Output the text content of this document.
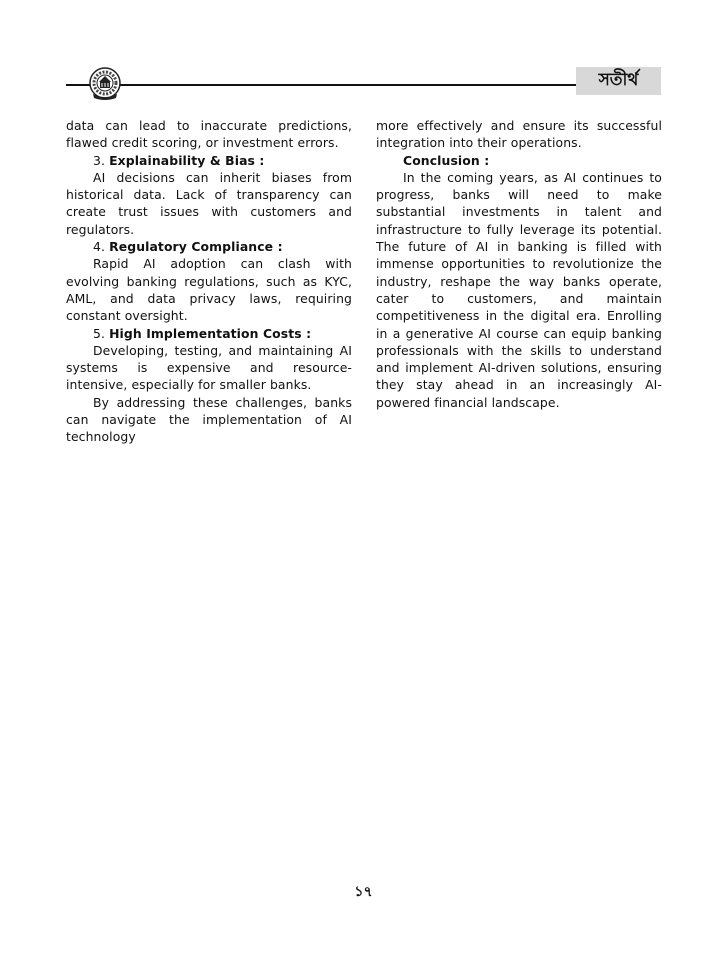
সতীর্থ

data can lead to inaccurate predictions, flawed credit scoring, or investment errors.

3. Explainability & Bias :

AI decisions can inherit biases from historical data. Lack of transparency can create trust issues with customers and regulators.

4. Regulatory Compliance :

Rapid AI adoption can clash with evolving banking regulations, such as KYC, AML, and data privacy laws, requiring constant oversight.

5. High Implementation Costs :

Developing, testing, and maintaining AI systems is expensive and resource-intensive, especially for smaller banks.

By addressing these challenges, banks can navigate the implementation of AI technology

more effectively and ensure its successful integration into their operations.

Conclusion :

In the coming years, as AI continues to progress, banks will need to make substantial investments in talent and infrastructure to fully leverage its potential. The future of AI in banking is filled with immense opportunities to revolutionize the industry, reshape the way banks operate, cater to customers, and maintain competitiveness in the digital era. Enrolling in a generative AI course can equip banking professionals with the skills to understand and implement AI-driven solutions, ensuring they stay ahead in an increasingly AI-powered financial landscape.

১৭
